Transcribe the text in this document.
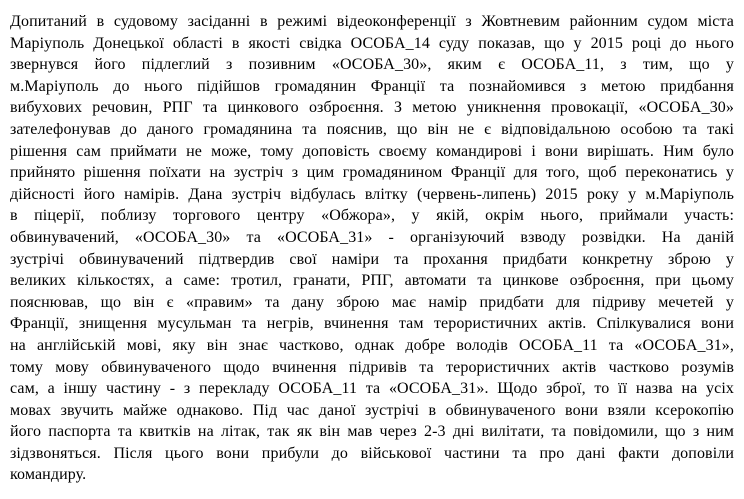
Допитаний в судовому засіданні в режимі відеоконференції з Жовтневим районним судом міста
Маріуполь Донецької області в якості свідка ОСОБА_14 суду показав, що у 2015 році до нього
звернувся його підлеглий з позивним «ОСОБА_30», яким є ОСОБА_11, з тим, що у
м.Маріуполь до нього підійшов громадянин Франції та познайомився з метою придбання
вибухових речовин, РПГ та цинкового озброєння. З метою уникнення провокації, «ОСОБА_30»
зателефонував до даного громадянина та пояснив, що він не є відповідальною особою та такі
рішення сам приймати не може, тому доповість своєму командирові і вони вирішать. Ним було
прийнято рішення поїхати на зустріч з цим громадянином Франції для того, щоб переконатись у
дійсності його намірів. Дана зустріч відбулась влітку (червень-липень) 2015 року у м.Маріуполь
в піцерії, поблизу торгового центру «Обжора», у якій, окрім нього, приймали участь:
обвинувачений, «ОСОБА_30» та «ОСОБА_31» - організуючий взводу розвідки. На даній
зустрічі обвинувачений підтвердив свої наміри та прохання придбати конкретну зброю у
великих кількостях, а саме: тротил, гранати, РПГ, автомати та цинкове озброєння, при цьому
пояснював, що він є «правим» та дану зброю має намір придбати для підриву мечетей у
Франції, знищення мусульман та негрів, вчинення там терористичних актів. Спілкувалися вони
на англійській мові, яку він знає частково, однак добре володів ОСОБА_11 та «ОСОБА_31»,
тому мову обвинуваченого щодо вчинення підривів та терористичних актів частково розумів
сам, а іншу частину - з перекладу ОСОБА_11 та «ОСОБА_31». Щодо зброї, то її назва на усіх
мовах звучить майже однаково. Під час даної зустрічі в обвинуваченого вони взяли ксерокопію
його паспорта та квитків на літак, так як він мав через 2-3 дні вилітати, та повідомили, що з ним
зідзвоняться. Після цього вони прибули до військової частини та про дані факти доповіли
командиру.
